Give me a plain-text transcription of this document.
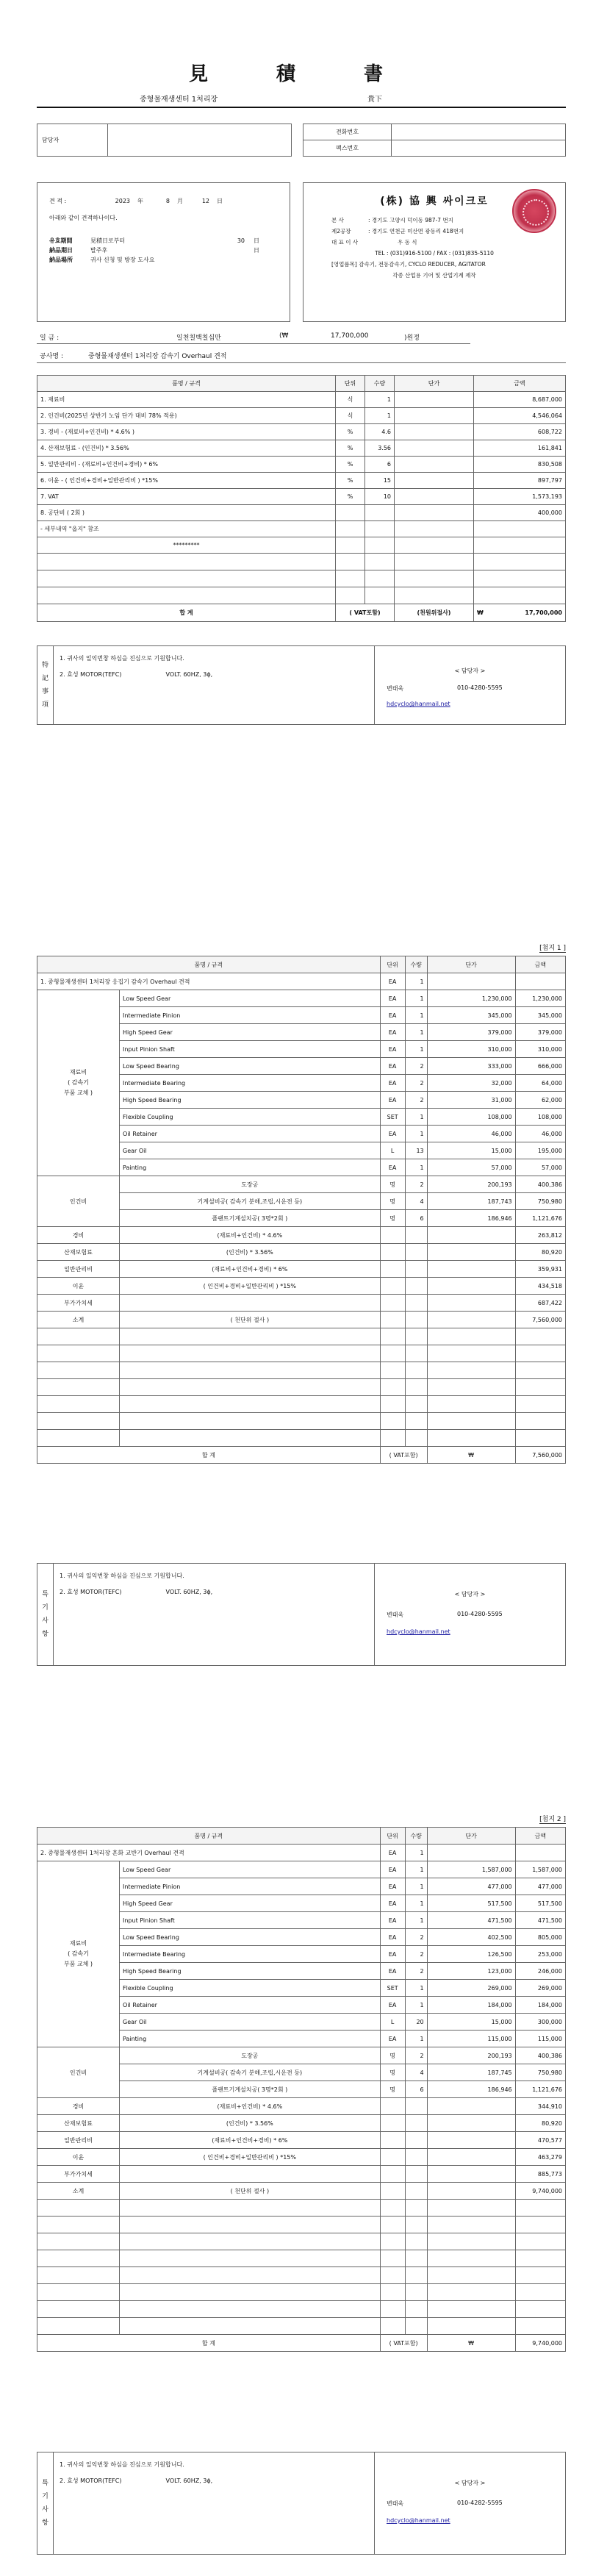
見 積 書
중형물재생센터 1처리장	貴下
담당자			전화번호	
			팩스번호	
견 적 :	2023	年	8	月	12	日
아래와 같이 견적하나이다.
유효期間	見積日로부터	30	日
納品期日	발주후	日
納品場所	귀사 신청 및 방장 도사요
(株) 協 興 싸이크로
본 사	: 경기도 고양시 덕이동 987-7 번지
제2공장	: 경기도 연천군 미산면 광동리 418번지
대 표 이 사	우 동 식
TEL : (031)916-5100 / FAX : (031)835-5110
[영업품목] 감속기, 전동감속기, CYCLO REDUCER, AGITATOR
각종 산업용 기어 및 산업기계 제작
일 금 :	일천칠백칠십만	(₩	17,700,000	)원정
공사명 :	중형물재생센터 1처리장 감속기 Overhaul 견적
품명 / 규격	단위	수량	단가	금액
1. 재료비	식	1		8,687,000
2. 인건비(2025년 상반기 노임 단가 대비 78% 적용)	식	1		4,546,064
3. 경비 - (재료비+인건비) * 4.6% )	%	4.6		608,722
4. 산재보험료 - (인건비) * 3.56%	%	3.56		161,841
5. 일반관리비 - (재료비+인건비+경비) * 6%	%	6		830,508
6. 이윤 - ( 인건비+경비+일반관리비 ) *15%	%	15		897,797
7. VAT	%	10		1,573,193
8. 공단비 ( 2회 )				400,000
- 세부내역 "옵지" 참조				
*********				

합 계	( VAT포함)		(천원위절사)	₩ 17,700,000
特
記
事
項
1. 귀사의 일익번창 하심을 진심으로 기원합니다.
2. 효성 MOTOR(TEFC)	VOLT. 60HZ, 3ϕ,
< 담당자 >
변태욱	010-4280-5595
hdcyclo@hanmail.net
[첨지 1 ]
품명 / 규격		단위	수량	단가	금액
1. 중형물재생센터 1처리장 응집기 감속기 Overhaul 견적		EA	1		

재료비
( 감속기
부품 교체 )	Low Speed Gear	EA	1	1,230,000	1,230,000
	Intermediate Pinion	EA	1	345,000	345,000
	High Speed Gear	EA	1	379,000	379,000
	Input Pinion Shaft	EA	1	310,000	310,000
	Low Speed Bearing	EA	2	333,000	666,000
	Intermediate Bearing	EA	2	32,000	64,000
	High Speed Bearing	EA	2	31,000	62,000
	Flexible Coupling	SET	1	108,000	108,000
	Oil Retainer	EA	1	46,000	46,000
	Gear Oil	L	13	15,000	195,000
	Painting	EA	1	57,000	57,000
인건비	도장공	명	2	200,193	400,386
	기계설비공( 감속기 분해,조립,시운전 등)	명	4	187,743	750,980
	플랜트기계설치공( 3명*2회 )	명	6	186,946	1,121,676
경비	(재료비+인건비) * 4.6%				263,812
산재보험료	(인건비) * 3.56%				80,920
일반관리비	(재료비+인건비+경비) * 6%				359,931
이윤	( 인건비+경비+일반관리비 ) *15%				434,518
부가가치세					687,422
소계	( 천단위 절사 )				7,560,000

합 계		( VAT포함)		₩	7,560,000
특
기
사
항
1. 귀사의 일익번창 하심을 진심으로 기원합니다.
2. 효성 MOTOR(TEFC)	VOLT. 60HZ, 3ϕ,	< 담당자 >
변태욱	010-4280-5595
hdcyclo@hanmail.net
[첨지 2 ]
품명 / 규격		단위	수량	단가	금액
2. 중형물재생센터 1처리장 혼화 교반기 Overhaul 견적		EA	1		

재료비
( 감속기
부품 교체 )	Low Speed Gear	EA	1	1,587,000	1,587,000
	Intermediate Pinion	EA	1	477,000	477,000
	High Speed Gear	EA	1	517,500	517,500
	Input Pinion Shaft	EA	1	471,500	471,500
	Low Speed Bearing	EA	2	402,500	805,000
	Intermediate Bearing	EA	2	126,500	253,000
	High Speed Bearing	EA	2	123,000	246,000
	Flexible Coupling	SET	1	269,000	269,000
	Oil Retainer	EA	1	184,000	184,000
	Gear Oil	L	20	15,000	300,000
	Painting	EA	1	115,000	115,000
인건비	도장공	명	2	200,193	400,386
	기계설비공( 감속기 분해,조립,시운전 등)	명	4	187,745	750,980
	플랜트기계설치공( 3명*2회 )	명	6	186,946	1,121,676
경비	(재료비+인건비) * 4.6%				344,910
산재보험료	(인건비) * 3.56%				80,920
일반관리비	(재료비+인건비+경비) * 6%				470,577
이윤	( 인건비+경비+일반관리비 ) *15%				463,279
부가가치세					885,773
소계	( 천단위 절사 )				9,740,000

합 계		( VAT포함)		₩	9,740,000
특
기
사
항
1. 귀사의 일익번창 하심을 진심으로 기원합니다.
2. 효성 MOTOR(TEFC)	VOLT. 60HZ, 3ϕ,	< 담당자 >
변태욱	010-4282-5595
hdcyclo@hanmail.net
